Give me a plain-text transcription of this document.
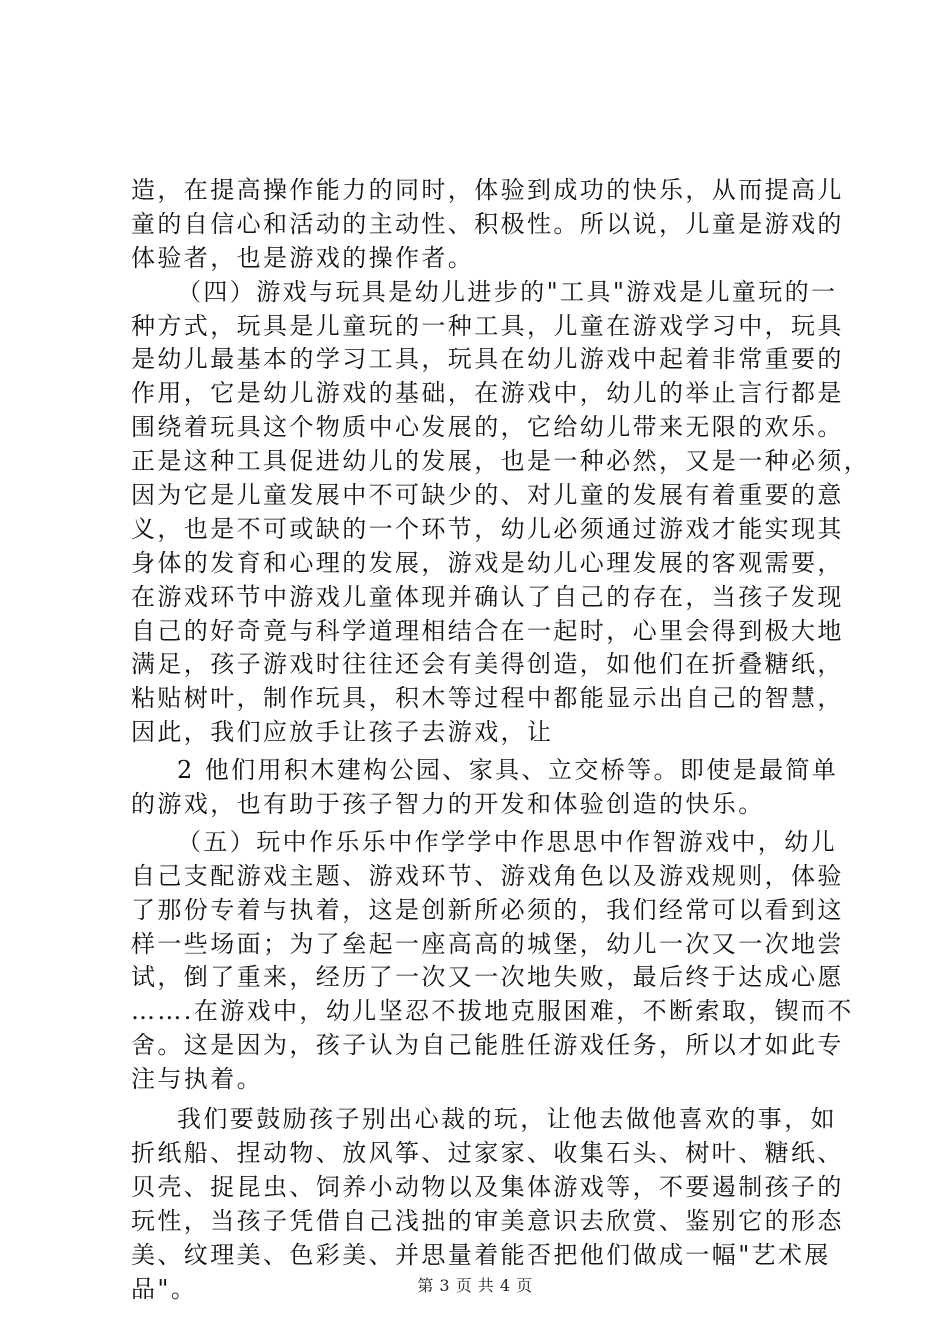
造，在提高操作能力的同时，体验到成功的快乐，从而提高儿
童的自信心和活动的主动性、积极性。所以说，儿童是游戏的
体验者，也是游戏的操作者。
（四）游戏与玩具是幼儿进步的"工具"游戏是儿童玩的一
种方式，玩具是儿童玩的一种工具，儿童在游戏学习中，玩具
是幼儿最基本的学习工具，玩具在幼儿游戏中起着非常重要的
作用，它是幼儿游戏的基础，在游戏中，幼儿的举止言行都是
围绕着玩具这个物质中心发展的，它给幼儿带来无限的欢乐。
正是这种工具促进幼儿的发展，也是一种必然，又是一种必须，
因为它是儿童发展中不可缺少的、对儿童的发展有着重要的意
义，也是不可或缺的一个环节，幼儿必须通过游戏才能实现其
身体的发育和心理的发展，游戏是幼儿心理发展的客观需要，
在游戏环节中游戏儿童体现并确认了自己的存在，当孩子发现
自己的好奇竟与科学道理相结合在一起时，心里会得到极大地
满足，孩子游戏时往往还会有美得创造，如他们在折叠糖纸，
粘贴树叶，制作玩具，积木等过程中都能显示出自己的智慧，
因此，我们应放手让孩子去游戏，让
2 他们用积木建构公园、家具、立交桥等。即使是最简单
的游戏，也有助于孩子智力的开发和体验创造的快乐。
（五）玩中作乐乐中作学学中作思思中作智游戏中，幼儿
自己支配游戏主题、游戏环节、游戏角色以及游戏规则，体验
了那份专着与执着，这是创新所必须的，我们经常可以看到这
样一些场面；为了垒起一座高高的城堡，幼儿一次又一次地尝
试，倒了重来，经历了一次又一次地失败，最后终于达成心愿
…….在游戏中，幼儿坚忍不拔地克服困难，不断索取，锲而不
舍。这是因为，孩子认为自己能胜任游戏任务，所以才如此专
注与执着。
我们要鼓励孩子别出心裁的玩，让他去做他喜欢的事，如
折纸船、捏动物、放风筝、过家家、收集石头、树叶、糖纸、
贝壳、捉昆虫、饲养小动物以及集体游戏等，不要遏制孩子的
玩性，当孩子凭借自己浅拙的审美意识去欣赏、鉴别它的形态
美、纹理美、色彩美、并思量着能否把他们做成一幅"艺术展
品"。	第 3 页 共 4 页
